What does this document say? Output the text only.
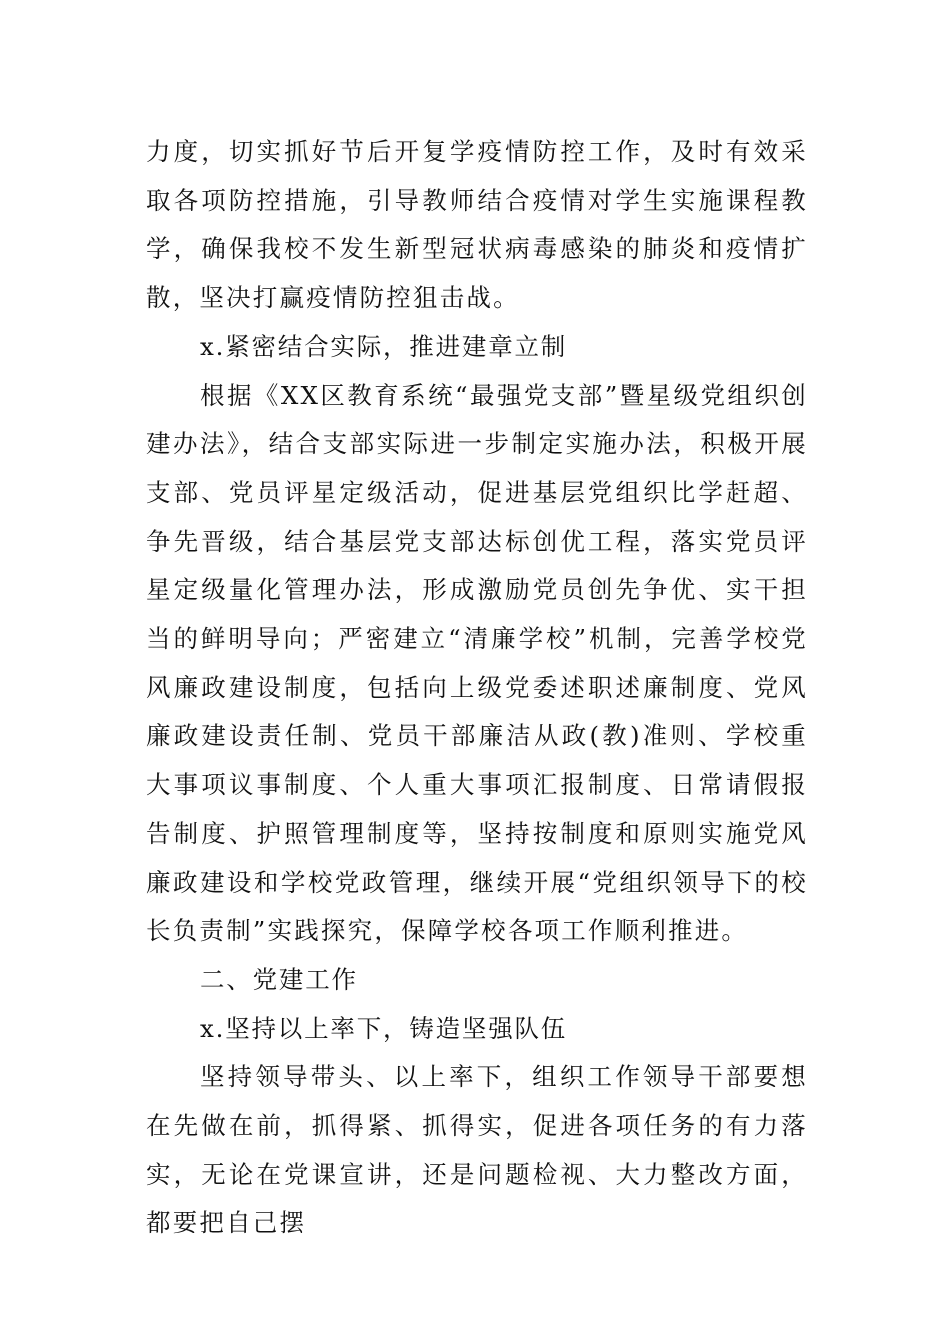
力度，切实抓好节后开复学疫情防控工作，及时有效采取各项防控措施，引导教师结合疫情对学生实施课程教学，确保我校不发生新型冠状病毒感染的肺炎和疫情扩散，坚决打赢疫情防控狙击战。

x.紧密结合实际，推进建章立制

根据《XX区教育系统“最强党支部”暨星级党组织创建办法》，结合支部实际进一步制定实施办法，积极开展支部、党员评星定级活动，促进基层党组织比学赶超、争先晋级，结合基层党支部达标创优工程，落实党员评星定级量化管理办法，形成激励党员创先争优、实干担当的鲜明导向；严密建立“清廉学校”机制，完善学校党风廉政建设制度，包括向上级党委述职述廉制度、党风廉政建设责任制、党员干部廉洁从政(教)准则、学校重大事项议事制度、个人重大事项汇报制度、日常请假报告制度、护照管理制度等，坚持按制度和原则实施党风廉政建设和学校党政管理，继续开展“党组织领导下的校长负责制”实践探究，保障学校各项工作顺利推进。

二、党建工作

x.坚持以上率下，铸造坚强队伍

坚持领导带头、以上率下，组织工作领导干部要想在先做在前，抓得紧、抓得实，促进各项任务的有力落实，无论在党课宣讲，还是问题检视、大力整改方面，都要把自己摆
